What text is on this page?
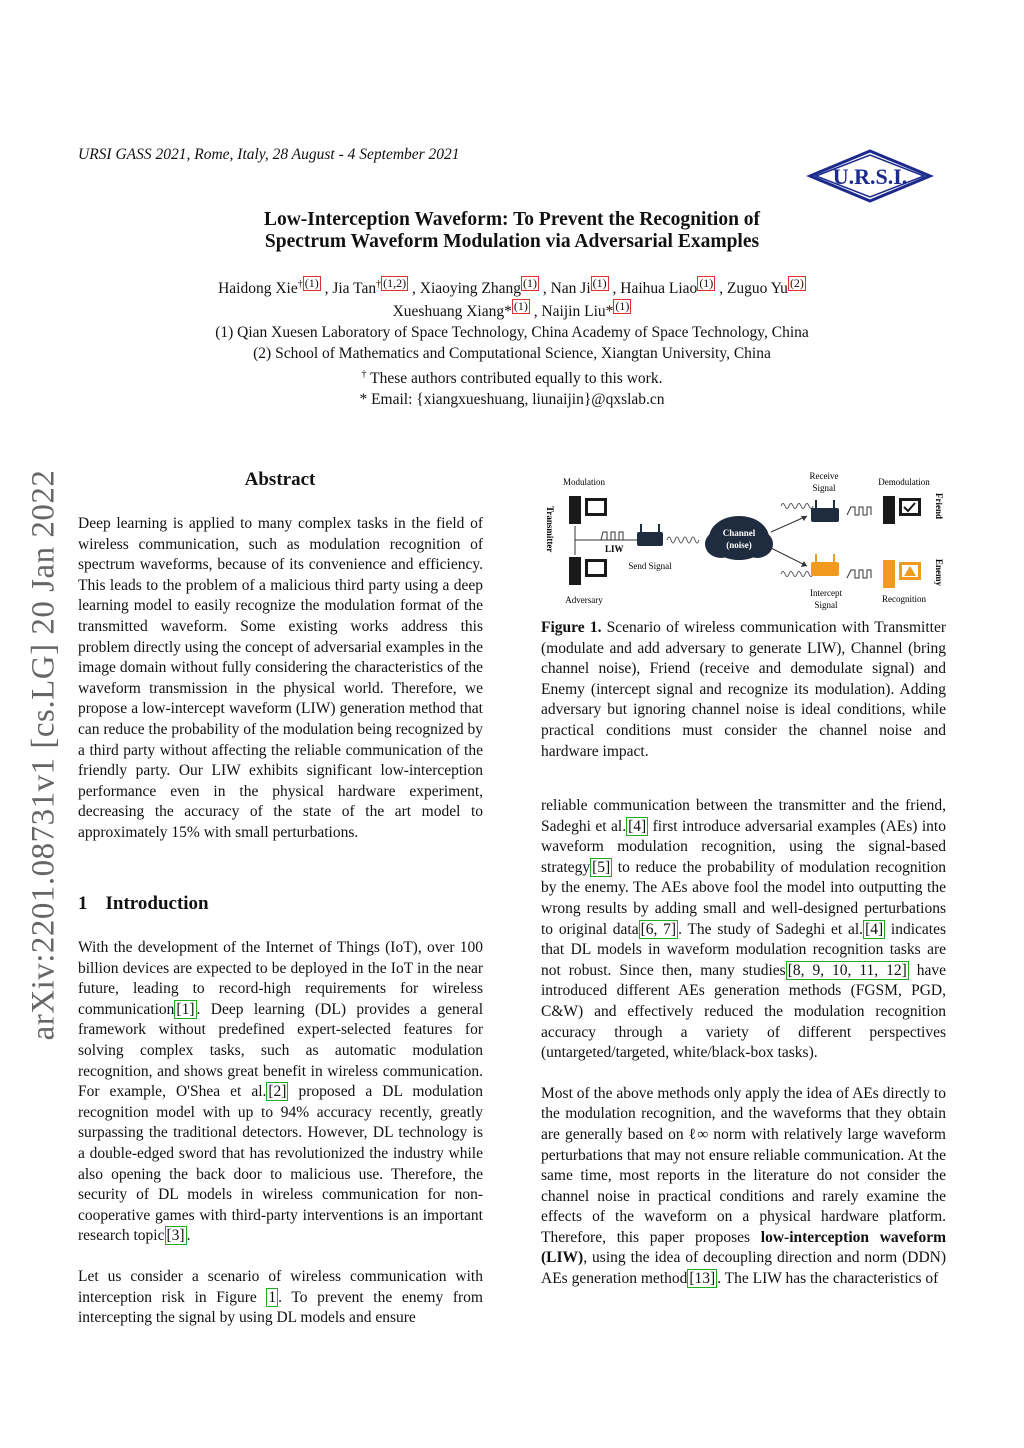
URSI GASS 2021, Rome, Italy, 28 August - 4 September 2021
U.R.S.I.
Low-Interception Waveform: To Prevent the Recognition of
Spectrum Waveform Modulation via Adversarial Examples

Haidong Xie† (1) , Jia Tan† (1,2) , Xiaoying Zhang (1) , Nan Ji (1) , Haihua Liao (1) , Zuguo Yu (2)

Xueshuang Xiang* (1) , Naijin Liu* (1)

(1) Qian Xuesen Laboratory of Space Technology, China Academy of Space Technology, China

(2) School of Mathematics and Computational Science, Xiangtan University, China

† These authors contributed equally to this work.

* Email: {xiangxueshuang, liunaijin}@qxslab.cn

arXiv:2201.08731v1 [cs.LG] 20 Jan 2022	Abstract

Deep learning is applied to many complex tasks in the field of wireless communication, such as modulation recognition of spectrum waveforms, because of its convenience and efficiency. This leads to the problem of a malicious third party using a deep learning model to easily recognize the modulation format of the transmitted waveform. Some existing works address this problem directly using the concept of adversarial examples in the image domain without fully considering the characteristics of the waveform transmission in the physical world. Therefore, we propose a low-intercept waveform (LIW) generation method that can reduce the probability of the modulation being recognized by a third party without affecting the reliable communication of the friendly party. Our LIW exhibits significant low-interception performance even in the physical hardware experiment, decreasing the accuracy of the state of the art model to approximately 15% with small perturbations.

1 Introduction

With the development of the Internet of Things (IoT), over 100 billion devices are expected to be deployed in the IoT in the near future, leading to record-high requirements for wireless communication [1] . Deep learning (DL) provides a general framework without predefined expert-selected features for solving complex tasks, such as automatic modulation recognition, and shows great benefit in wireless communication. For example, O'Shea et al. [2] proposed a DL modulation recognition model with up to 94% accuracy recently, greatly surpassing the traditional detectors. However, DL technology is a double-edged sword that has revolutionized the industry while also opening the back door to malicious use. Therefore, the security of DL models in wireless communication for non-cooperative games with third-party interventions is an important research topic [3] .

Let us consider a scenario of wireless communication with interception risk in Figure 1 . To prevent the enemy from intercepting the signal by using DL models and ensure

Modulation
Adversary
Transmitter	LIW
Send Signal
Receive
Signal
Demodulation
Friend
Intercept
Signal
Recognition
Enemy
Channel
(noise)
Figure 1. Scenario of wireless communication with Transmitter (modulate and add adversary to generate LIW), Channel (bring channel noise), Friend (receive and demodulate signal) and Enemy (intercept signal and recognize its modulation). Adding adversary but ignoring channel noise is ideal conditions, while practical conditions must consider the channel noise and hardware impact.

reliable communication between the transmitter and the friend, Sadeghi et al. [4] first introduce adversarial examples (AEs) into waveform modulation recognition, using the signal-based strategy [5] to reduce the probability of modulation recognition by the enemy. The AEs above fool the model into outputting the wrong results by adding small and well-designed perturbations to original data [6, 7] . The study of Sadeghi et al. [4] indicates that DL models in waveform modulation recognition tasks are not robust. Since then, many studies [8, 9, 10, 11, 12] have introduced different AEs generation methods (FGSM, PGD, C&W) and effectively reduced the modulation recognition accuracy through a variety of different perspectives (untargeted/targeted, white/black-box tasks).

Most of the above methods only apply the idea of AEs directly to the modulation recognition, and the waveforms that they obtain are generally based on ℓ∞ norm with relatively large waveform perturbations that may not ensure reliable communication. At the same time, most reports in the literature do not consider the channel noise in practical conditions and rarely examine the effects of the waveform on a physical hardware platform. Therefore, this paper proposes low-interception waveform (LIW), using the idea of decoupling direction and norm (DDN) AEs generation method [13] . The LIW has the characteristics of
